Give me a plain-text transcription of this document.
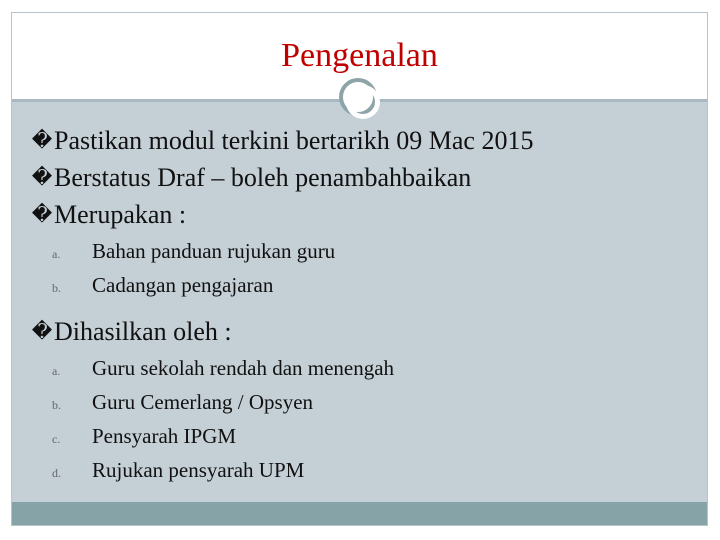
Pengenalan
� Pastikan modul terkini bertarikh 09 Mac 2015
� Berstatus Draf – boleh penambahbaikan
� Merupakan :
a.	Bahan panduan rujukan guru
b.	Cadangan pengajaran
� Dihasilkan oleh :
a.	Guru sekolah rendah dan menengah
b.	Guru Cemerlang / Opsyen
c.	Pensyarah IPGM
d.	Rujukan pensyarah UPM
